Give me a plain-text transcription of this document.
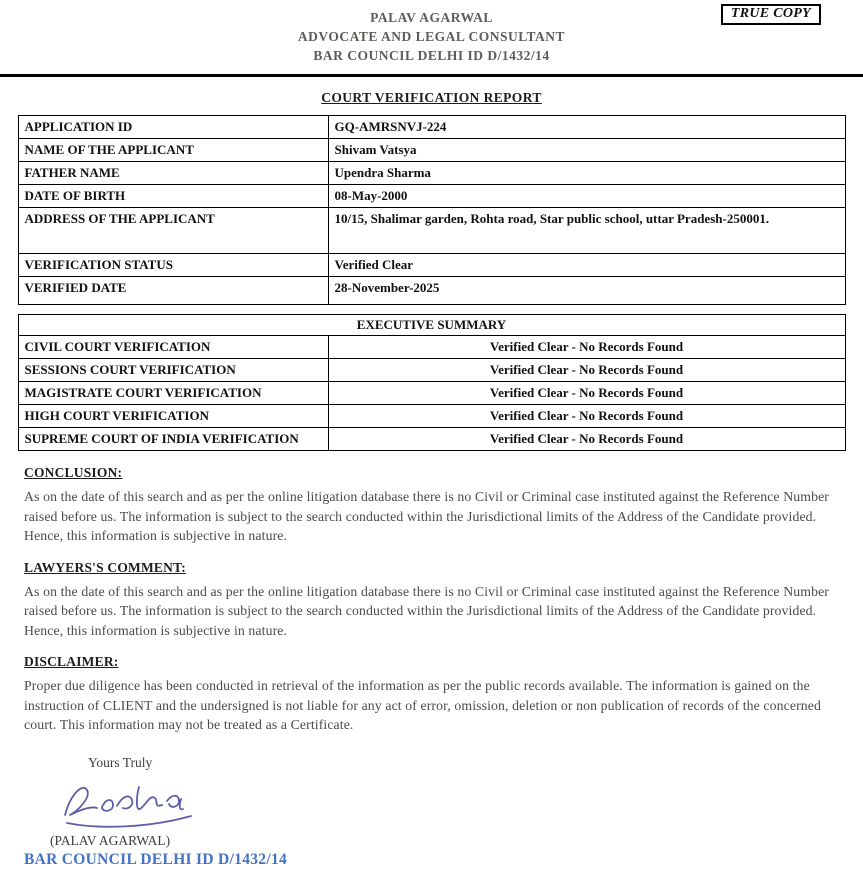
PALAV AGARWAL
ADVOCATE AND LEGAL CONSULTANT
BAR COUNCIL DELHI ID D/1432/14
TRUE COPY
COURT VERIFICATION REPORT
APPLICATION ID	GQ-AMRSNVJ-224
NAME OF THE APPLICANT	Shivam Vatsya
FATHER NAME	Upendra Sharma
DATE OF BIRTH	08-May-2000
ADDRESS OF THE APPLICANT	10/15, Shalimar garden, Rohta road, Star public school, uttar Pradesh-250001.
VERIFICATION STATUS	Verified Clear
VERIFIED DATE	28-November-2025
EXECUTIVE SUMMARY	
CIVIL COURT VERIFICATION	Verified Clear - No Records Found
SESSIONS COURT VERIFICATION	Verified Clear - No Records Found
MAGISTRATE COURT VERIFICATION	Verified Clear - No Records Found
HIGH COURT VERIFICATION	Verified Clear - No Records Found
SUPREME COURT OF INDIA VERIFICATION	Verified Clear - No Records Found
CONCLUSION:
As on the date of this search and as per the online litigation database there is no Civil or Criminal case instituted against the Reference Number raised before us. The information is subject to the search conducted within the Jurisdictional limits of the Address of the Candidate provided. Hence, this information is subjective in nature.
LAWYERS'S COMMENT:
As on the date of this search and as per the online litigation database there is no Civil or Criminal case instituted against the Reference Number raised before us. The information is subject to the search conducted within the Jurisdictional limits of the Address of the Candidate provided. Hence, this information is subjective in nature.
DISCLAIMER:
Proper due diligence has been conducted in retrieval of the information as per the public records available. The information is gained on the instruction of CLIENT and the undersigned is not liable for any act of error, omission, deletion or non publication of records of the concerned court. This information may not be treated as a Certificate.
Yours Truly
(PALAV AGARWAL)
BAR COUNCIL DELHI ID D/1432/14
